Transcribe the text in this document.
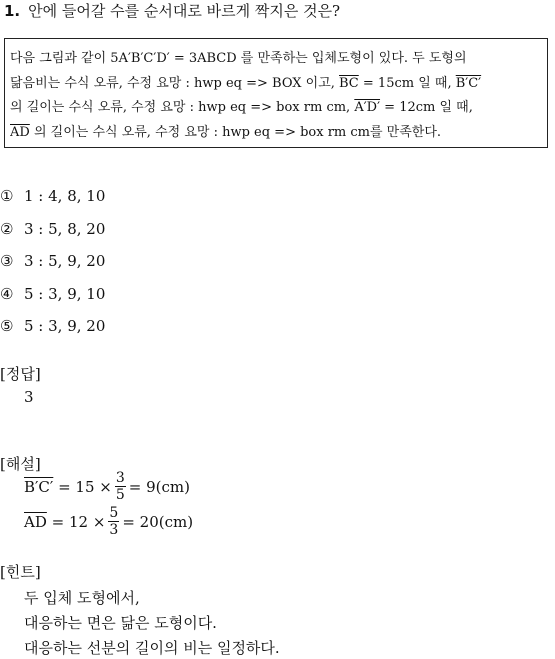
1. 안에 들어갈 수를 순서대로 바르게 짝지은 것은?
다음 그림과 같이 5A′B′C′D′ = 3ABCD 를 만족하는 입체도형이 있다. 두 도형의
닮음비는 수식 오류, 수정 요망 : hwp eq => BOX 이고, $\overline{BC} = 15cm$ 일 때, B′C′
의 길이는 수식 오류, 수정 요망 : hwp eq => box rm cm, A′D′ = 12cm 일 때,
$\overline{AD}$ 의 길이는 수식 오류, 수정 요망 : hwp eq => box rm cm를 만족한다.
① 1 : 4, 8, 10
② 3 : 5, 8, 20
③ 3 : 5, 9, 20
④ 5 : 3, 9, 10
⑤ 5 : 3, 9, 20
[정답]
3
[해설]
$B'C' = 15 \times \frac{3}{5} = 9(cm)$
$\overline{AD} = 12 \times \frac{5}{3} = 20(cm)$
[힌트]
두 입체 도형에서,
대응하는 면은 닮은 도형이다.
대응하는 선분의 길이의 비는 일정하다.
